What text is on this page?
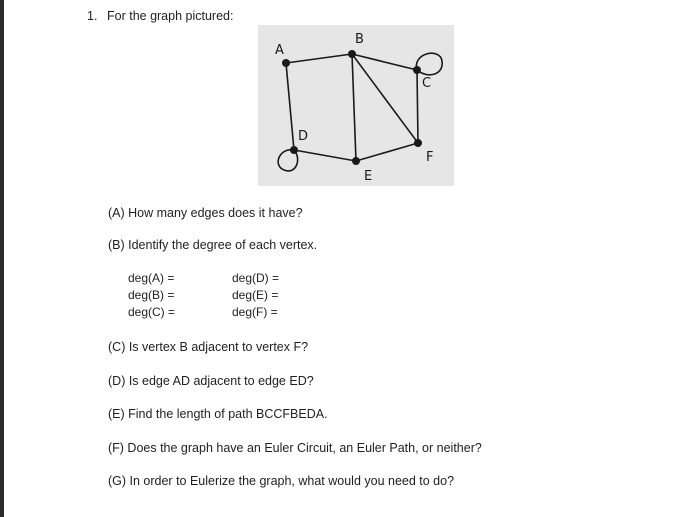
1. For the graph pictured:
A
B
C
D
E
F
(A) How many edges does it have?
(B) Identify the degree of each vertex.
deg(A) =
deg(B) =
deg(C) =
deg(D) =
deg(E) =
deg(F) =
(C) Is vertex B adjacent to vertex F?
(D) Is edge AD adjacent to edge ED?
(E) Find the length of path BCCFBEDA.
(F) Does the graph have an Euler Circuit, an Euler Path, or neither?
(G) In order to Eulerize the graph, what would you need to do?
